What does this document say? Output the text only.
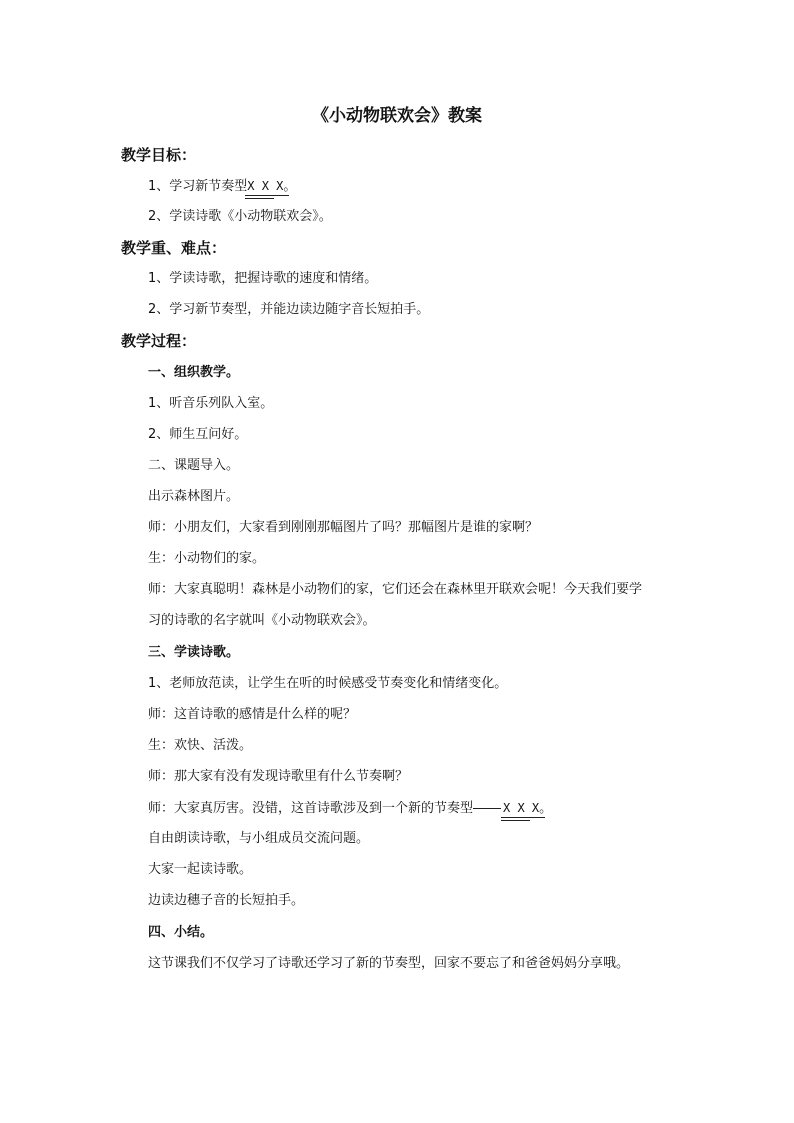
《小动物联欢会》教案
教学目标：
1、学习新节奏型X X X
。
2、学读诗歌《小动物联欢会》。
教学重、难点：
1、学读诗歌，把握诗歌的速度和情绪。
2、学习新节奏型，并能边读边随字音长短拍手。
教学过程：
一、组织教学。
1、听音乐列队入室。
2、师生互问好。
二、课题导入。
出示森林图片。
师：小朋友们，大家看到刚刚那幅图片了吗？那幅图片是谁的家啊？
生：小动物们的家。
师：大家真聪明！森林是小动物们的家，它们还会在森林里开联欢会呢！今天我们要学
习的诗歌的名字就叫《小动物联欢会》。
三、学读诗歌。
1、老师放范读，让学生在听的时候感受节奏变化和情绪变化。
师：这首诗歌的感情是什么样的呢？
生：欢快、活泼。
师：那大家有没有发现诗歌里有什么节奏啊？
师：大家真厉害。没错，这首诗歌涉及到一个新的节奏型	X X X
。
自由朗读诗歌，与小组成员交流问题。
大家一起读诗歌。
边读边穗子音的长短拍手。
四、小结。
这节课我们不仅学习了诗歌还学习了新的节奏型，回家不要忘了和爸爸妈妈分享哦。
